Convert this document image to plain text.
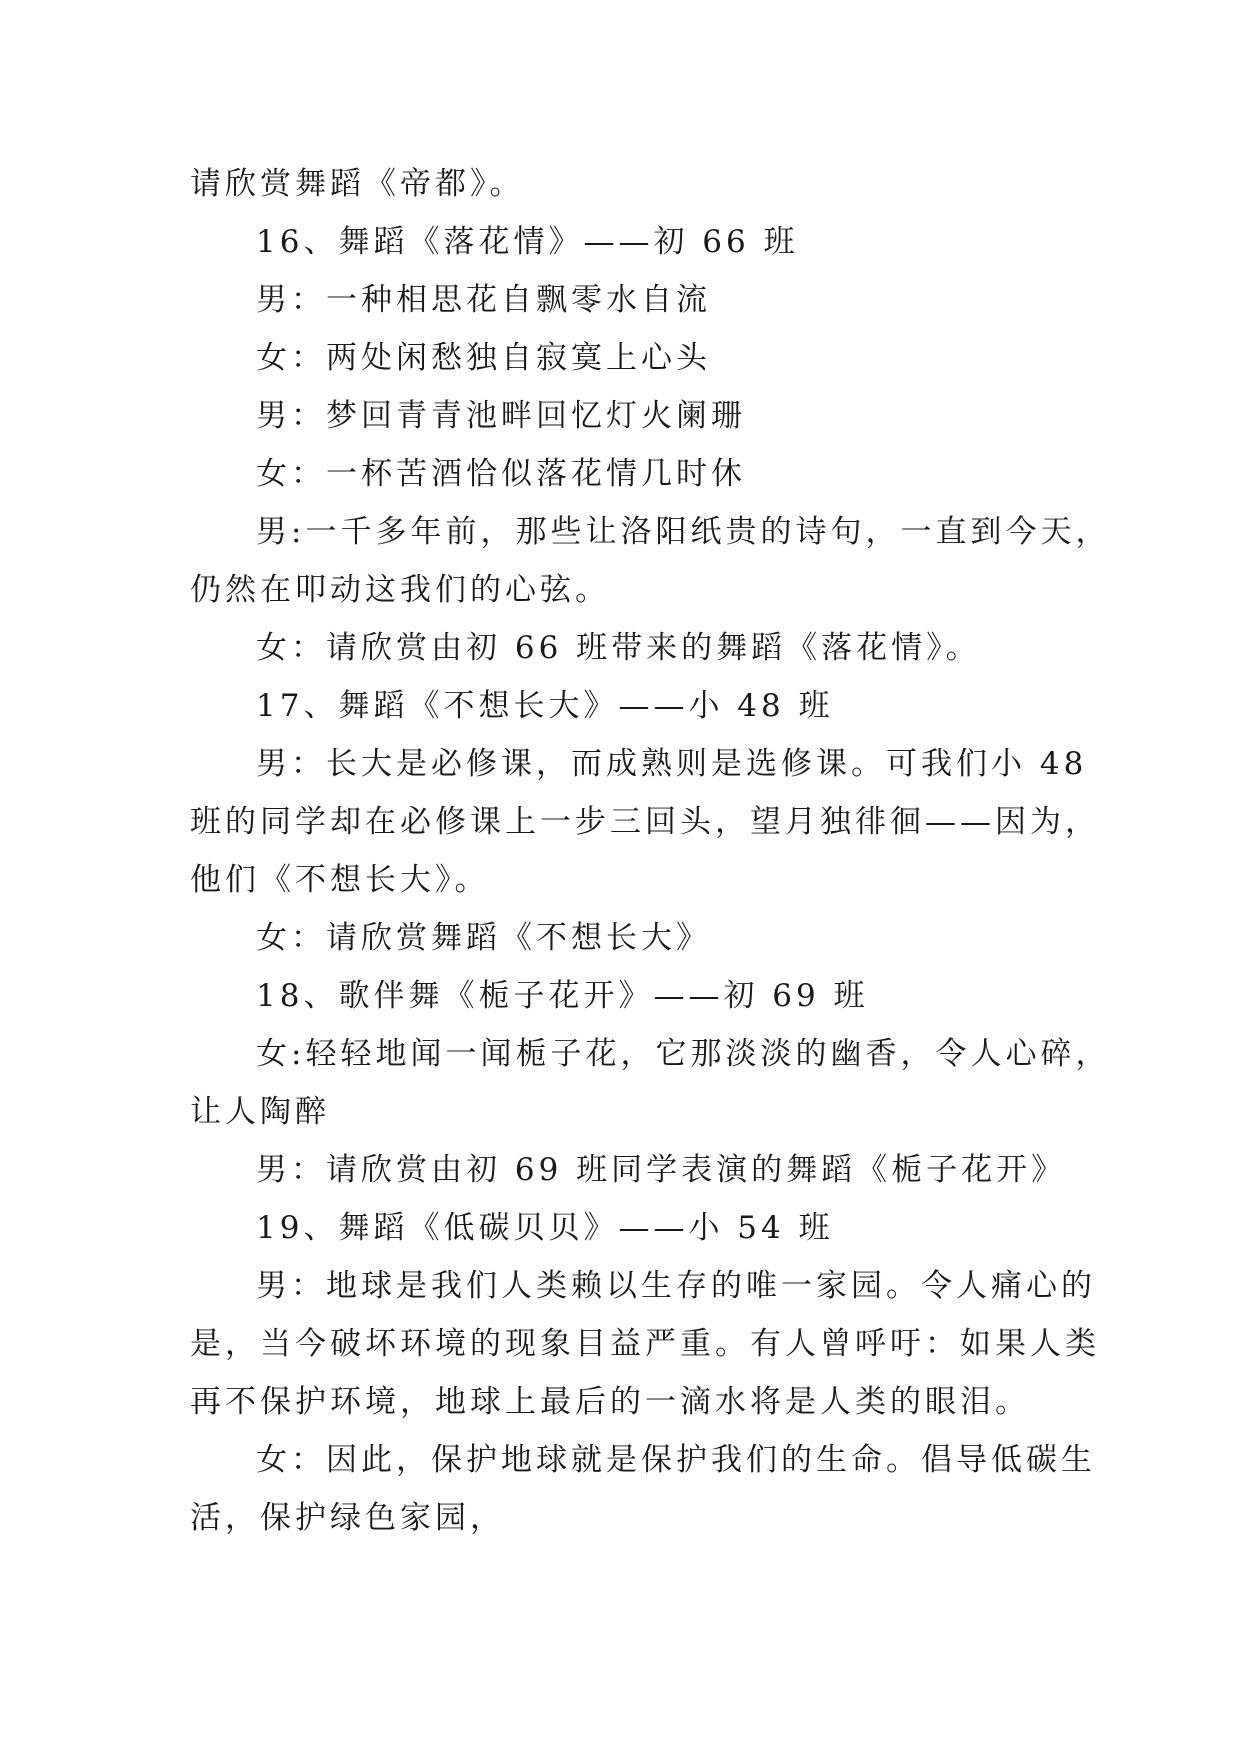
请欣赏舞蹈《帝都》。
16、舞蹈《落花情》——初 66 班
男：一种相思花自飘零水自流
女：两处闲愁独自寂寞上心头
男：梦回青青池畔回忆灯火阑珊
女：一杯苦酒恰似落花情几时休
男:一千多年前，那些让洛阳纸贵的诗句，一直到今天，
仍然在叩动这我们的心弦。
女：请欣赏由初 66 班带来的舞蹈《落花情》。
17、舞蹈《不想长大》——小 48 班
男：长大是必修课，而成熟则是选修课。可我们小 48
班的同学却在必修课上一步三回头，望月独徘徊——因为，
他们《不想长大》。
女：请欣赏舞蹈《不想长大》
18、歌伴舞《栀子花开》——初 69 班
女:轻轻地闻一闻栀子花，它那淡淡的幽香，令人心碎，
让人陶醉
男：请欣赏由初 69 班同学表演的舞蹈《栀子花开》
19、舞蹈《低碳贝贝》——小 54 班
男：地球是我们人类赖以生存的唯一家园。令人痛心的
是，当今破坏环境的现象目益严重。有人曾呼吁：如果人类
再不保护环境，地球上最后的一滴水将是人类的眼泪。
女：因此，保护地球就是保护我们的生命。倡导低碳生
活，保护绿色家园，
